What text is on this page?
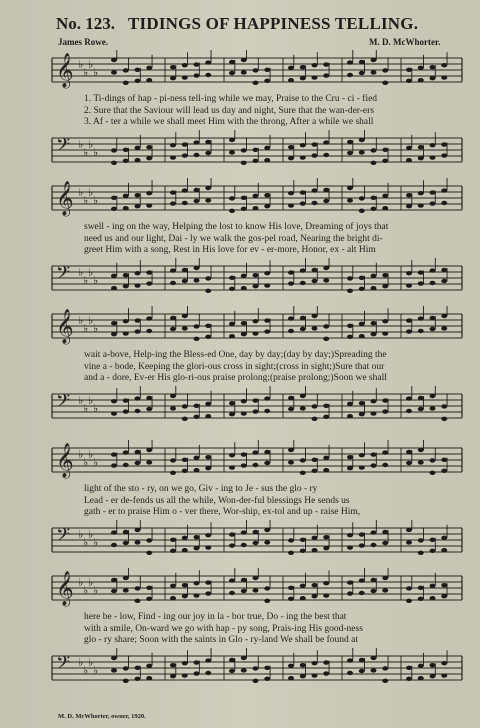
No. 123. TIDINGS OF HAPPINESS TELLING.
James Rowe.	M. D. McWhorter.
𝄞 ♭
♭
♭
♭
1. Ti-dings of hap - pi-ness tell-ing while we may, Praise to the Cru - ci - fied
2. Sure that the Saviour will lead us day and night, Sure that the wan-der-ers
3. Af - ter a while we shall meet Him with the throng, After a while we shall
𝄢 ♭
♭
♭
♭
𝄞 ♭
♭
♭
♭
swell - ing on the way, Helping the lost to know His love, Dreaming of joys that
need us and our light, Dai - ly we walk the gos-pel road, Nearing the bright di-
greet Him with a song, Rest in His love for ev - er-more, Honor, ex - alt Him
𝄢 ♭
♭
♭
♭
𝄞 ♭
♭
♭
♭
wait a-bove, Help-ing the Bless-ed One, day by day;(day by day;)Spreading the
vine a - bode, Keeping the glori-ous cross in sight;(cross in sight;)Sure that our
and a - dore, Ev-er His glo-ri-ous praise prolong;(praise prolong;)Soon we shall
𝄢 ♭
♭
♭
♭
𝄞 ♭
♭
♭
♭
light of the sto - ry, on we go, Giv - ing to Je - sus the glo - ry
Lead - er de-fends us all the while, Won-der-ful blessings He sends us
gath - er to praise Him o - ver there, Wor-ship, ex-tol and up - raise Him,
𝄢 ♭
♭
♭
♭
𝄞 ♭
♭
♭
♭
here be - low, Find - ing our joy in la - bor true, Do - ing the best that
with a smile, On-ward we go with hap - py song, Prais-ing His good-ness
glo - ry share; Soon with the saints in Glo - ry-land We shall be found at
𝄢 ♭
♭
♭
♭
M. D. McWhorter, owner, 1920.
